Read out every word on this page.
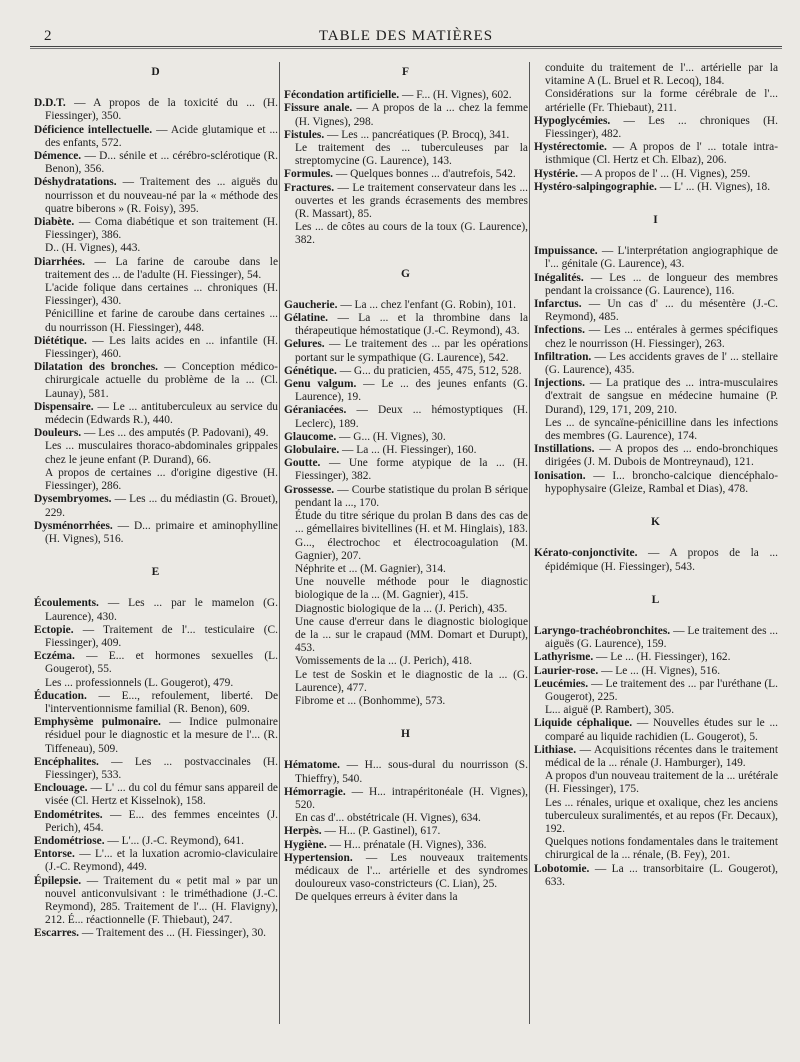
2	TABLE DES MATIÈRES
D

D.D.T. — A propos de la toxicité du ... (H. Fiessinger), 350.

Déficience intellectuelle. — Acide glutamique et ... des enfants, 572.

Démence. — D... sénile et ... cérébro-sclérotique (R. Benon), 356.

Déshydratations. — Traitement des ... aiguës du nourrisson et du nouveau-né par la « méthode des quatre biberons » (R. Foisy), 395.

Diabète. — Coma diabétique et son traitement (H. Fiessinger), 386.

D.. (H. Vignes), 443.

Diarrhées. — La farine de caroube dans le traitement des ... de l'adulte (H. Fiessinger), 54.

L'acide folique dans certaines ... chroniques (H. Fiessinger), 430.

Pénicilline et farine de caroube dans certaines ... du nourrisson (H. Fiessinger), 448.

Diététique. — Les laits acides en ... infantile (H. Fiessinger), 460.

Dilatation des bronches. — Conception médico-chirurgicale actuelle du problème de la ... (Cl. Launay), 581.

Dispensaire. — Le ... antituberculeux au service du médecin (Edwards R.), 440.

Douleurs. — Les ... des amputés (P. Padovani), 49.

Les ... musculaires thoraco-abdominales grippales chez le jeune enfant (P. Durand), 66.

A propos de certaines ... d'origine digestive (H. Fiessinger), 286.

Dysembryomes. — Les ... du médiastin (G. Brouet), 229.

Dysménorrhées. — D... primaire et aminophylline (H. Vignes), 516.

E

Écoulements. — Les ... par le mamelon (G. Laurence), 430.

Ectopie. — Traitement de l'... testiculaire (C. Fiessinger), 409.

Eczéma. — E... et hormones sexuelles (L. Gougerot), 55.

Les ... professionnels (L. Gougerot), 479.

Éducation. — E..., refoulement, liberté. De l'interventionnisme familial (R. Benon), 609.

Emphysème pulmonaire. — Indice pulmonaire résiduel pour le diagnostic et la mesure de l'... (R. Tiffeneau), 509.

Encéphalites. — Les ... postvaccinales (H. Fiessinger), 533.

Enclouage. — L' ... du col du fémur sans appareil de visée (Cl. Hertz et Kisselnok), 158.

Endométrites. — E... des femmes enceintes (J. Perich), 454.

Endométriose. — L'... (J.-C. Reymond), 641.

Entorse. — L'... et la luxation acromio-claviculaire (J.-C. Reymond), 449.

Épilepsie. — Traitement du « petit mal » par un nouvel anticonvulsivant : le triméthadione (J.-C. Reymond), 285. Traitement de l'... (H. Flavigny), 212. É... réactionnelle (F. Thiebaut), 247.

Escarres. — Traitement des ... (H. Fiessinger), 30.

F

Fécondation artificielle. — F... (H. Vignes), 602.

Fissure anale. — A propos de la ... chez la femme (H. Vignes), 298.

Fistules. — Les ... pancréatiques (P. Brocq), 341.

Le traitement des ... tuberculeuses par la streptomycine (G. Laurence), 143.

Formules. — Quelques bonnes ... d'autrefois, 542.

Fractures. — Le traitement conservateur dans les ... ouvertes et les grands écrasements des membres (R. Massart), 85.

Les ... de côtes au cours de la toux (G. Laurence), 382.

G

Gaucherie. — La ... chez l'enfant (G. Robin), 101.

Gélatine. — La ... et la thrombine dans la thérapeutique hémostatique (J.-C. Reymond), 43.

Gelures. — Le traitement des ... par les opérations portant sur le sympathique (G. Laurence), 542.

Génétique. — G... du praticien, 455, 475, 512, 528.

Genu valgum. — Le ... des jeunes enfants (G. Laurence), 19.

Géraniacées. — Deux ... hémostyptiques (H. Leclerc), 189.

Glaucome. — G... (H. Vignes), 30.

Globulaire. — La ... (H. Fiessinger), 160.

Goutte. — Une forme atypique de la ... (H. Fiessinger), 382.

Grossesse. — Courbe statistique du prolan B sérique pendant la ..., 170.

Étude du titre sérique du prolan B dans des cas de ... gémellaires bivitellines (H. et M. Hinglais), 183.

G..., électrochoc et électrocoagulation (M. Gagnier), 207.

Néphrite et ... (M. Gagnier), 314.

Une nouvelle méthode pour le diagnostic biologique de la ... (M. Gagnier), 415.

Diagnostic biologique de la ... (J. Perich), 435.

Une cause d'erreur dans le diagnostic biologique de la ... sur le crapaud (MM. Domart et Durupt), 453.

Vomissements de la ... (J. Perich), 418.

Le test de Soskin et le diagnostic de la ... (G. Laurence), 477.

Fibrome et ... (Bonhomme), 573.

H

Hématome. — H... sous-dural du nourrisson (S. Thieffry), 540.

Hémorragie. — H... intrapéritonéale (H. Vignes), 520.

En cas d'... obstétricale (H. Vignes), 634.

Herpès. — H... (P. Gastinel), 617.

Hygiène. — H... prénatale (H. Vignes), 336.

Hypertension. — Les nouveaux traitements médicaux de l'... artérielle et des syndromes douloureux vaso-constricteurs (C. Lian), 25.

De quelques erreurs à éviter dans la

conduite du traitement de l'... artérielle par la vitamine A (L. Bruel et R. Lecoq), 184.

Considérations sur la forme cérébrale de l'... artérielle (Fr. Thiebaut), 211.

Hypoglycémies. — Les ... chroniques (H. Fiessinger), 482.

Hystérectomie. — A propos de l' ... totale intra-isthmique (Cl. Hertz et Ch. Elbaz), 206.

Hystérie. — A propos de l' ... (H. Vignes), 259.

Hystéro-salpingographie. — L' ... (H. Vignes), 18.

I

Impuissance. — L'interprétation angiographique de l'... génitale (G. Laurence), 43.

Inégalités. — Les ... de longueur des membres pendant la croissance (G. Laurence), 116.

Infarctus. — Un cas d' ... du mésentère (J.-C. Reymond), 485.

Infections. — Les ... entérales à germes spécifiques chez le nourrisson (H. Fiessinger), 263.

Infiltration. — Les accidents graves de l' ... stellaire (G. Laurence), 435.

Injections. — La pratique des ... intra-musculaires d'extrait de sangsue en médecine humaine (P. Durand), 129, 171, 209, 210.

Les ... de syncaïne-pénicilline dans les infections des membres (G. Laurence), 174.

Instillations. — A propos des ... endo-bronchiques dirigées (J. M. Dubois de Montreynaud), 121.

Ionisation. — I... broncho-calcique diencéphalo-hypophysaire (Gleize, Rambal et Dias), 478.

K

Kérato-conjonctivite. — A propos de la ... épidémique (H. Fiessinger), 543.

L

Laryngo-trachéobronchites. — Le traitement des ... aiguës (G. Laurence), 159.

Lathyrisme. — Le ... (H. Fiessinger), 162.

Laurier-rose. — Le ... (H. Vignes), 516.

Leucémies. — Le traitement des ... par l'uréthane (L. Gougerot), 225.

L... aiguë (P. Rambert), 305.

Liquide céphalique. — Nouvelles études sur le ... comparé au liquide rachidien (L. Gougerot), 5.

Lithiase. — Acquisitions récentes dans le traitement médical de la ... rénale (J. Hamburger), 149.

A propos d'un nouveau traitement de la ... urétérale (H. Fiessinger), 175.

Les ... rénales, urique et oxalique, chez les anciens tuberculeux suralimentés, et au repos (Fr. Decaux), 192.

Quelques notions fondamentales dans le traitement chirurgical de la ... rénale, (B. Fey), 201.

Lobotomie. — La ... transorbitaire (L. Gougerot), 633.
